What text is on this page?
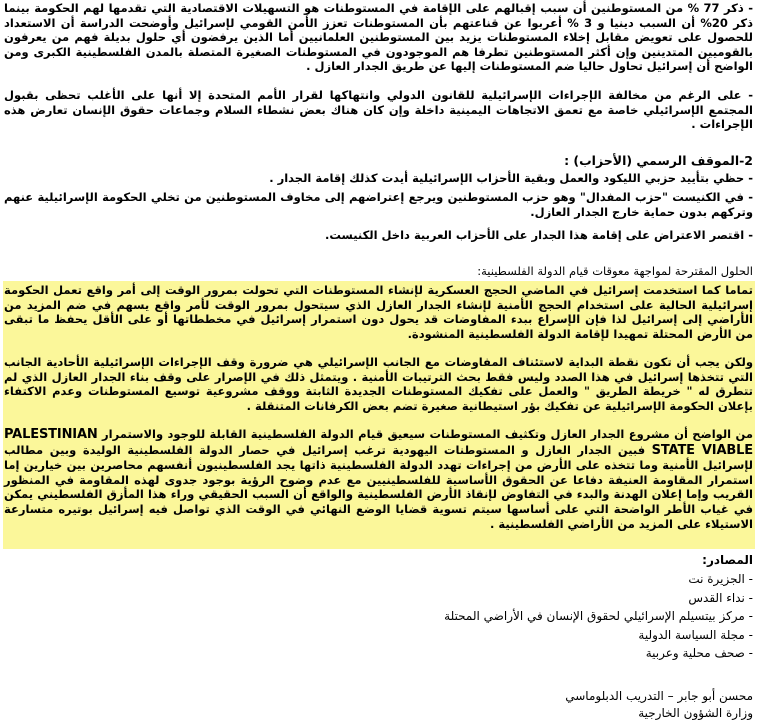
- ذكر 77 % من المستوطنين أن سبب إقبالهم على الإقامة في المستوطنات هو التسهيلات الاقتصادية التي تقدمها لهم الحكومة بينما ذكر 20% أن السبب دينيا و 3 % أعربوا عن قناعتهم بأن المستوطنات تعزز الأمن القومي لإسرائيل وأوضحت الدراسة أن الاستعداد للحصول على تعويض مقابل إخلاء المستوطنات يزيد بين المستوطنين العلمانيين أما الذين يرفضون أي حلول بديلة فهم من يعرفون بالقوميين المتدينين وإن أكثر المستوطنين تطرفا هم الموجودون في المستوطنات الصغيرة المتصلة بالمدن الفلسطينية الكبرى ومن الواضح أن إسرائيل تحاول حاليا ضم المستوطنات إليها عن طريق الجدار العازل .
- على الرغم من مخالفة الإجراءات الإسرائيلية للقانون الدولي وانتهاكها لقرار الأمم المتحدة إلا أنها على الأغلب تحظى بقبول المجتمع الإسرائيلي خاصة مع تعمق الاتجاهات اليمينية داخلة وإن كان هناك بعض نشطاء السلام وجماعات حقوق الإنسان تعارض هذه الإجراءات .
2-الموقف الرسمي (الأحزاب) :
- حظي بتأييد حزبي الليكود والعمل وبقية الأحزاب الإسرائيلية أيدت كذلك إقامة الجدار .
- في الكنيست "حزب المفدال" وهو حزب المستوطنين ويرجع إعتراضهم إلى مخاوف المستوطنين من تخلي الحكومة الإسرائيلية عنهم وتركهم بدون حماية خارج الجدار العازل.
- اقتصر الاعتراض على إقامة هذا الجدار على الأحزاب العربية داخل الكنيست.
الحلول المقترحة لمواجهة معوقات قيام الدولة الفلسطينية:
تماما كما استخدمت إسرائيل في الماضي الحجج العسكرية لإنشاء المستوطنات التي تحولت بمرور الوقت إلى أمر واقع تعمل الحكومة إسرائيلية الحالية على استخدام الحجج الأمنية لإنشاء الجدار العازل الذي سيتحول بمرور الوقت لأمر واقع يسهم في ضم المزيد من الأراضي إلى إسرائيل لذا فإن الإسراع ببدء المفاوضات قد يحول دون استمرار إسرائيل في مخططاتها أو على الأقل يحفظ ما تبقى من الأرض المحتلة تمهيدا لإقامة الدولة الفلسطينية المنشودة.
ولكن يجب أن تكون نقطة البداية لاستئناف المفاوضات مع الجانب الإسرائيلي هي ضرورة وقف الإجراءات الإسرائيلية الأحادية الجانب التي تتخذها إسرائيل في هذا الصدد وليس فقط بحث الترتيبات الأمنية . ويتمثل ذلك في الإصرار على وقف بناء الجدار العازل الذي لم تتطرق له " خريطة الطريق " والعمل على تفكيك المستوطنات الجديدة الثابتة ووقف مشروعية توسيع المستوطنات وعدم الاكتفاء بإعلان الحكومة الإسرائيلية عن تفكيك بؤر استيطانية صغيرة تضم بعض الكرفانات المتنقلة .
من الواضح أن مشروع الجدار العازل وتكثيف المستوطنات سيعيق قيام الدولة الفلسطينية القابلة للوجود والاستمرار PALESTINIAN STATE VIABLE فبين الجدار العازل و المستوطنات اليهودية ترغب إسرائيل في حصار الدولة الفلسطينية الوليدة وبين مطالب لإسرائيل الأمنية وما تتخذه على الأرض من إجراءات تهدد الدولة الفلسطينية ذاتها يجد الفلسطينيون أنفسهم محاصرين بين خيارين إما استمرار المقاومة العنيفة دفاعا عن الحقوق الأساسية للفلسطينيين مع عدم وضوح الرؤية بوجود جدوى لهذه المقاومة في المنظور القريب وإما إعلان الهدنة والبدء في التفاوض لإنقاذ الأرض الفلسطينية والواقع أن السبب الحقيقي وراء هذا المأزق الفلسطيني يمكن في غياب الأطر الواضحة التي على أساسها سيتم تسوية قضايا الوضع النهائي في الوقت الذي تواصل فيه إسرائيل بوتيره متسارعة الاستيلاء على المزيد من الأراضي الفلسطينية .
المصادر:
- الجزيرة نت
- نداء القدس
- مركز بيتسيلم الإسرائيلي لحقوق الإنسان في الأراضي المحتلة
- مجلة السياسة الدولية
- صحف محلية وعربية
محسن أبو جابر – التدريب الدبلوماسي
وزارة الشؤون الخارجية
